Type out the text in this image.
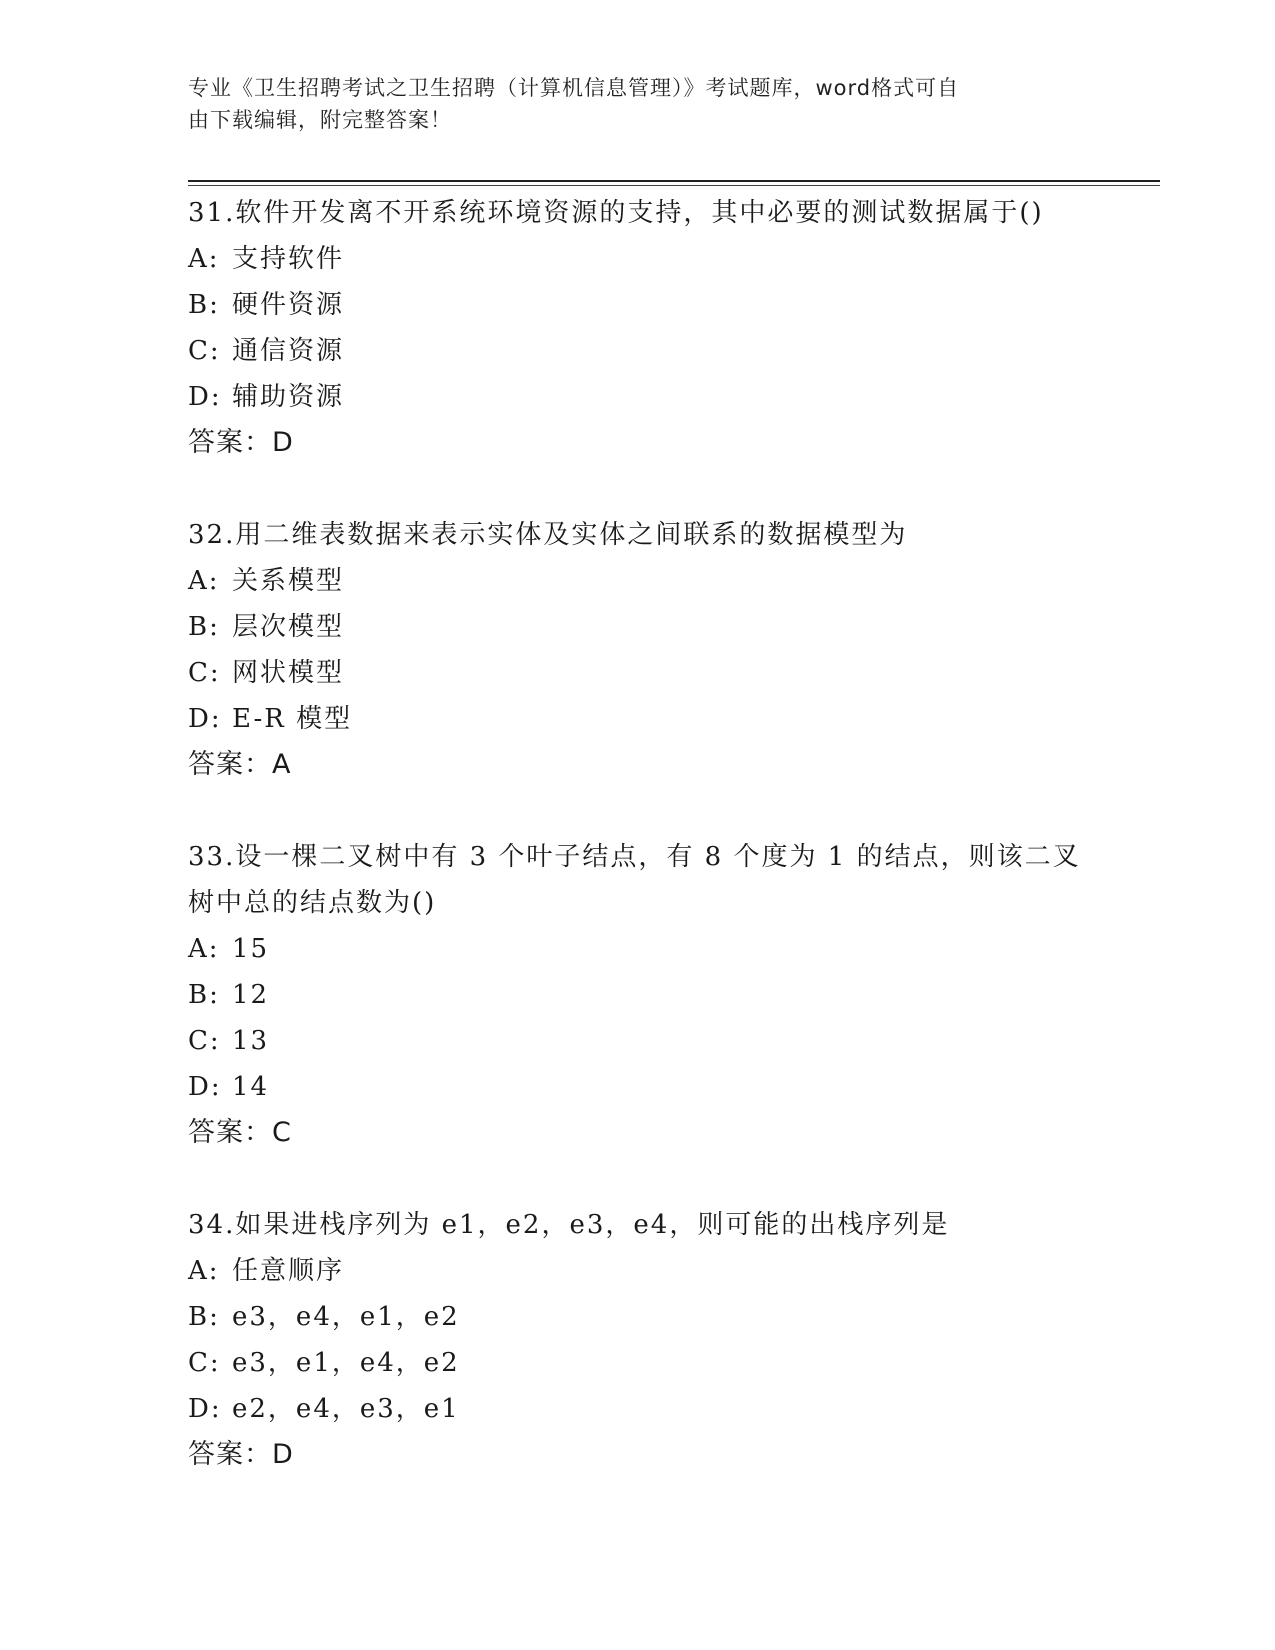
专业《卫生招聘考试之卫生招聘（计算机信息管理）》考试题库，word格式可自
由下载编辑，附完整答案！
31.软件开发离不开系统环境资源的支持，其中必要的测试数据属于()
A: 支持软件
B: 硬件资源
C: 通信资源
D: 辅助资源
答案：D
32.用二维表数据来表示实体及实体之间联系的数据模型为
A: 关系模型
B: 层次模型
C: 网状模型
D: E-R 模型
答案：A
33.设一棵二叉树中有 3 个叶子结点，有 8 个度为 1 的结点，则该二叉
树中总的结点数为()
A: 15
B: 12
C: 13
D: 14
答案：C
34.如果进栈序列为 e1，e2，e3，e4，则可能的出栈序列是
A: 任意顺序
B: e3，e4，e1，e2
C: e3，e1，e4，e2
D: e2，e4，e3，e1
答案：D
